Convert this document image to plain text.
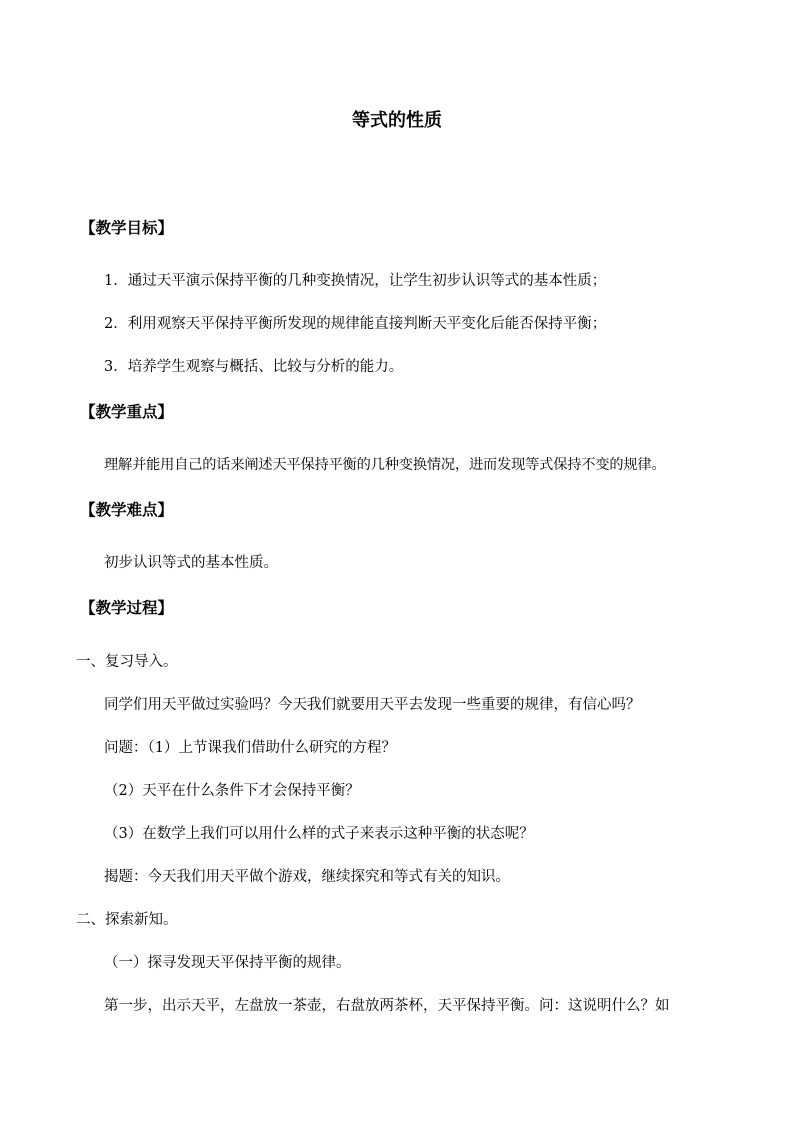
等式的性质
【教学目标】
1．通过天平演示保持平衡的几种变换情况，让学生初步认识等式的基本性质；
2．利用观察天平保持平衡所发现的规律能直接判断天平变化后能否保持平衡；
3．培养学生观察与概括、比较与分析的能力。
【教学重点】
理解并能用自己的话来阐述天平保持平衡的几种变换情况，进而发现等式保持不变的规律。
【教学难点】
初步认识等式的基本性质。
【教学过程】
一、复习导入。
同学们用天平做过实验吗？今天我们就要用天平去发现一些重要的规律，有信心吗？
问题：（1）上节课我们借助什么研究的方程？
（2）天平在什么条件下才会保持平衡？
（3）在数学上我们可以用什么样的式子来表示这种平衡的状态呢？
揭题：今天我们用天平做个游戏，继续探究和等式有关的知识。
二、探索新知。
（一）探寻发现天平保持平衡的规律。
第一步，出示天平，左盘放一茶壶，右盘放两茶杯，天平保持平衡。问：这说明什么？如
